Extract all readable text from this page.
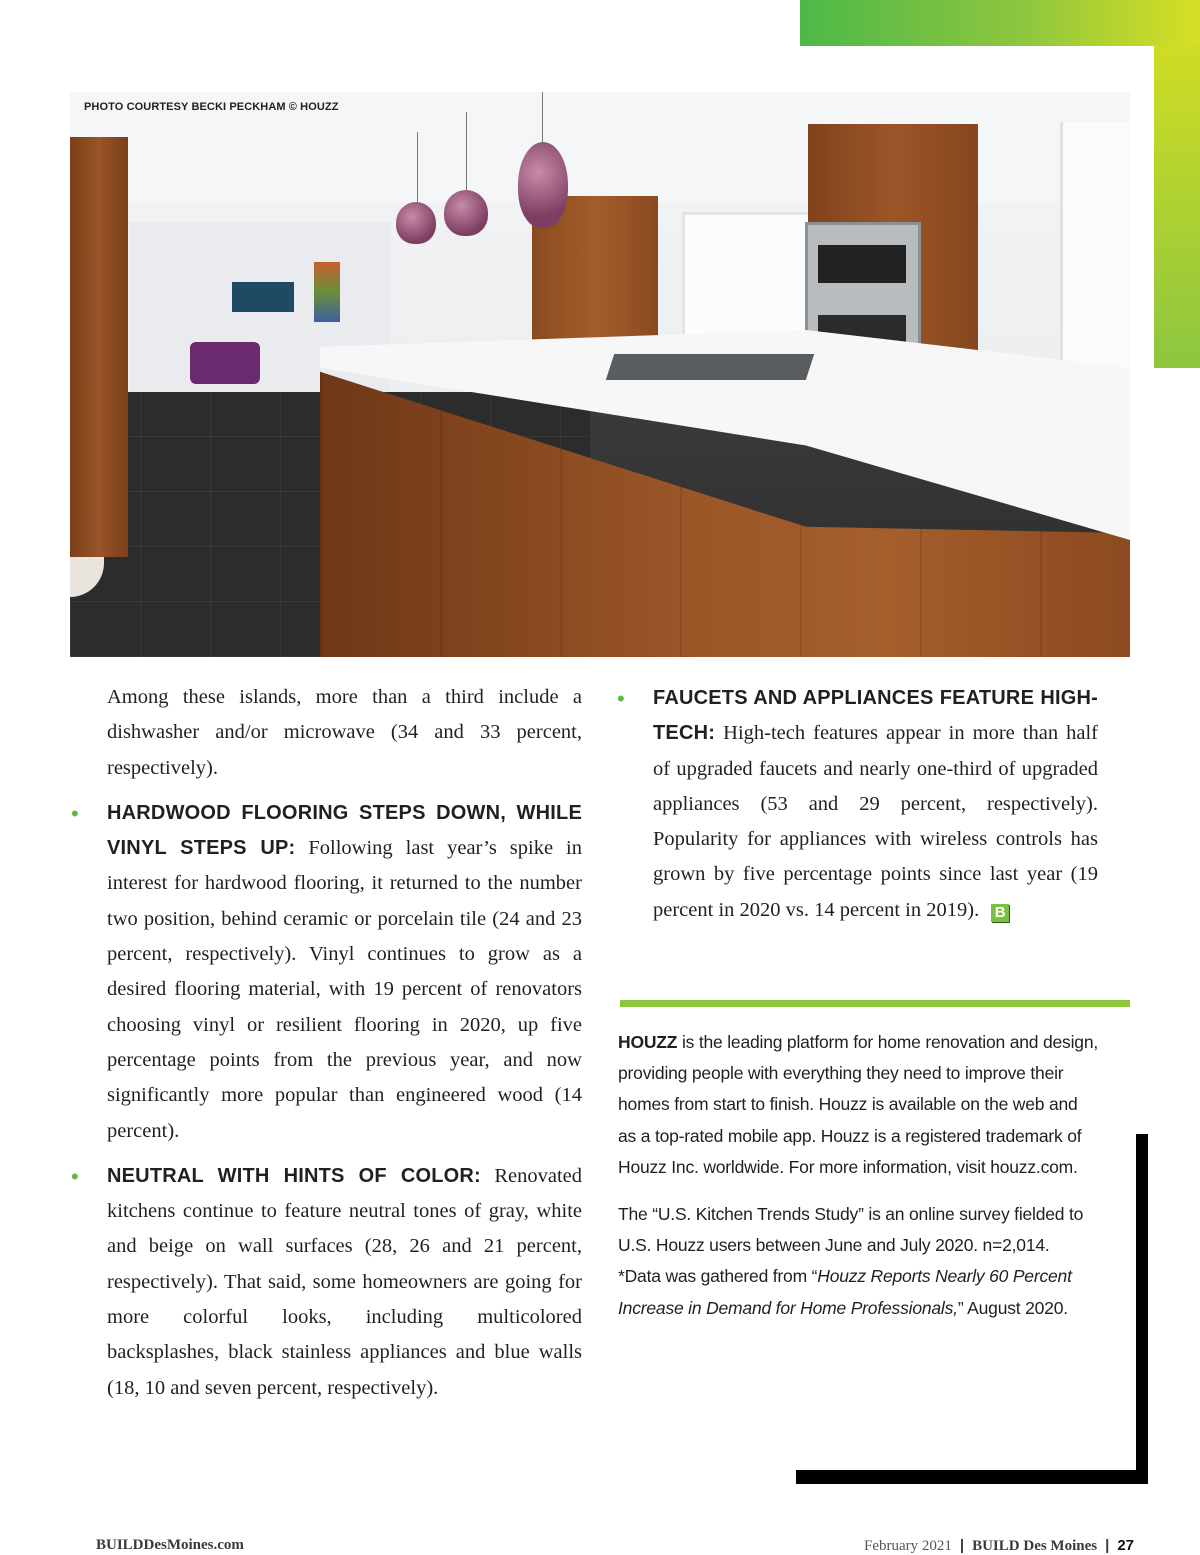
PHOTO COURTESY BECKI PECKHAM © HOUZZ

Among these islands, more than a third include a dishwasher and/or microwave (34 and 33 percent, respectively).

• HARDWOOD FLOORING STEPS DOWN, WHILE VINYL STEPS UP: Following last year’s spike in interest for hardwood flooring, it returned to the number two position, behind ceramic or porcelain tile (24 and 23 percent, respectively). Vinyl continues to grow as a desired flooring material, with 19 percent of renovators choosing vinyl or resilient flooring in 2020, up five percentage points from the previous year, and now significantly more popular than engineered wood (14 percent).

• NEUTRAL WITH HINTS OF COLOR: Renovated kitchens continue to feature neutral tones of gray, white and beige on wall surfaces (28, 26 and 21 percent, respectively). That said, some homeowners are going for more colorful looks, including multicolored backsplashes, black stainless appliances and blue walls (18, 10 and seven percent, respectively).

• FAUCETS AND APPLIANCES FEATURE HIGH-TECH: High-tech features appear in more than half of upgraded faucets and nearly one-third of upgraded appliances (53 and 29 percent, respectively). Popularity for appliances with wireless controls has grown by five percentage points since last year (19 percent in 2020 vs. 14 percent in 2019). B

HOUZZ is the leading platform for home renovation and design, providing people with everything they need to improve their homes from start to finish. Houzz is available on the web and as a top-rated mobile app. Houzz is a registered trademark of Houzz Inc. worldwide. For more information, visit houzz.com.

The “U.S. Kitchen Trends Study” is an online survey fielded to U.S. Houzz users between June and July 2020. n=2,014.

*Data was gathered from “Houzz Reports Nearly 60 Percent Increase in Demand for Home Professionals,” August 2020.

BUILDDesMoines.com	February 2021 | BUILD Des Moines | 27
